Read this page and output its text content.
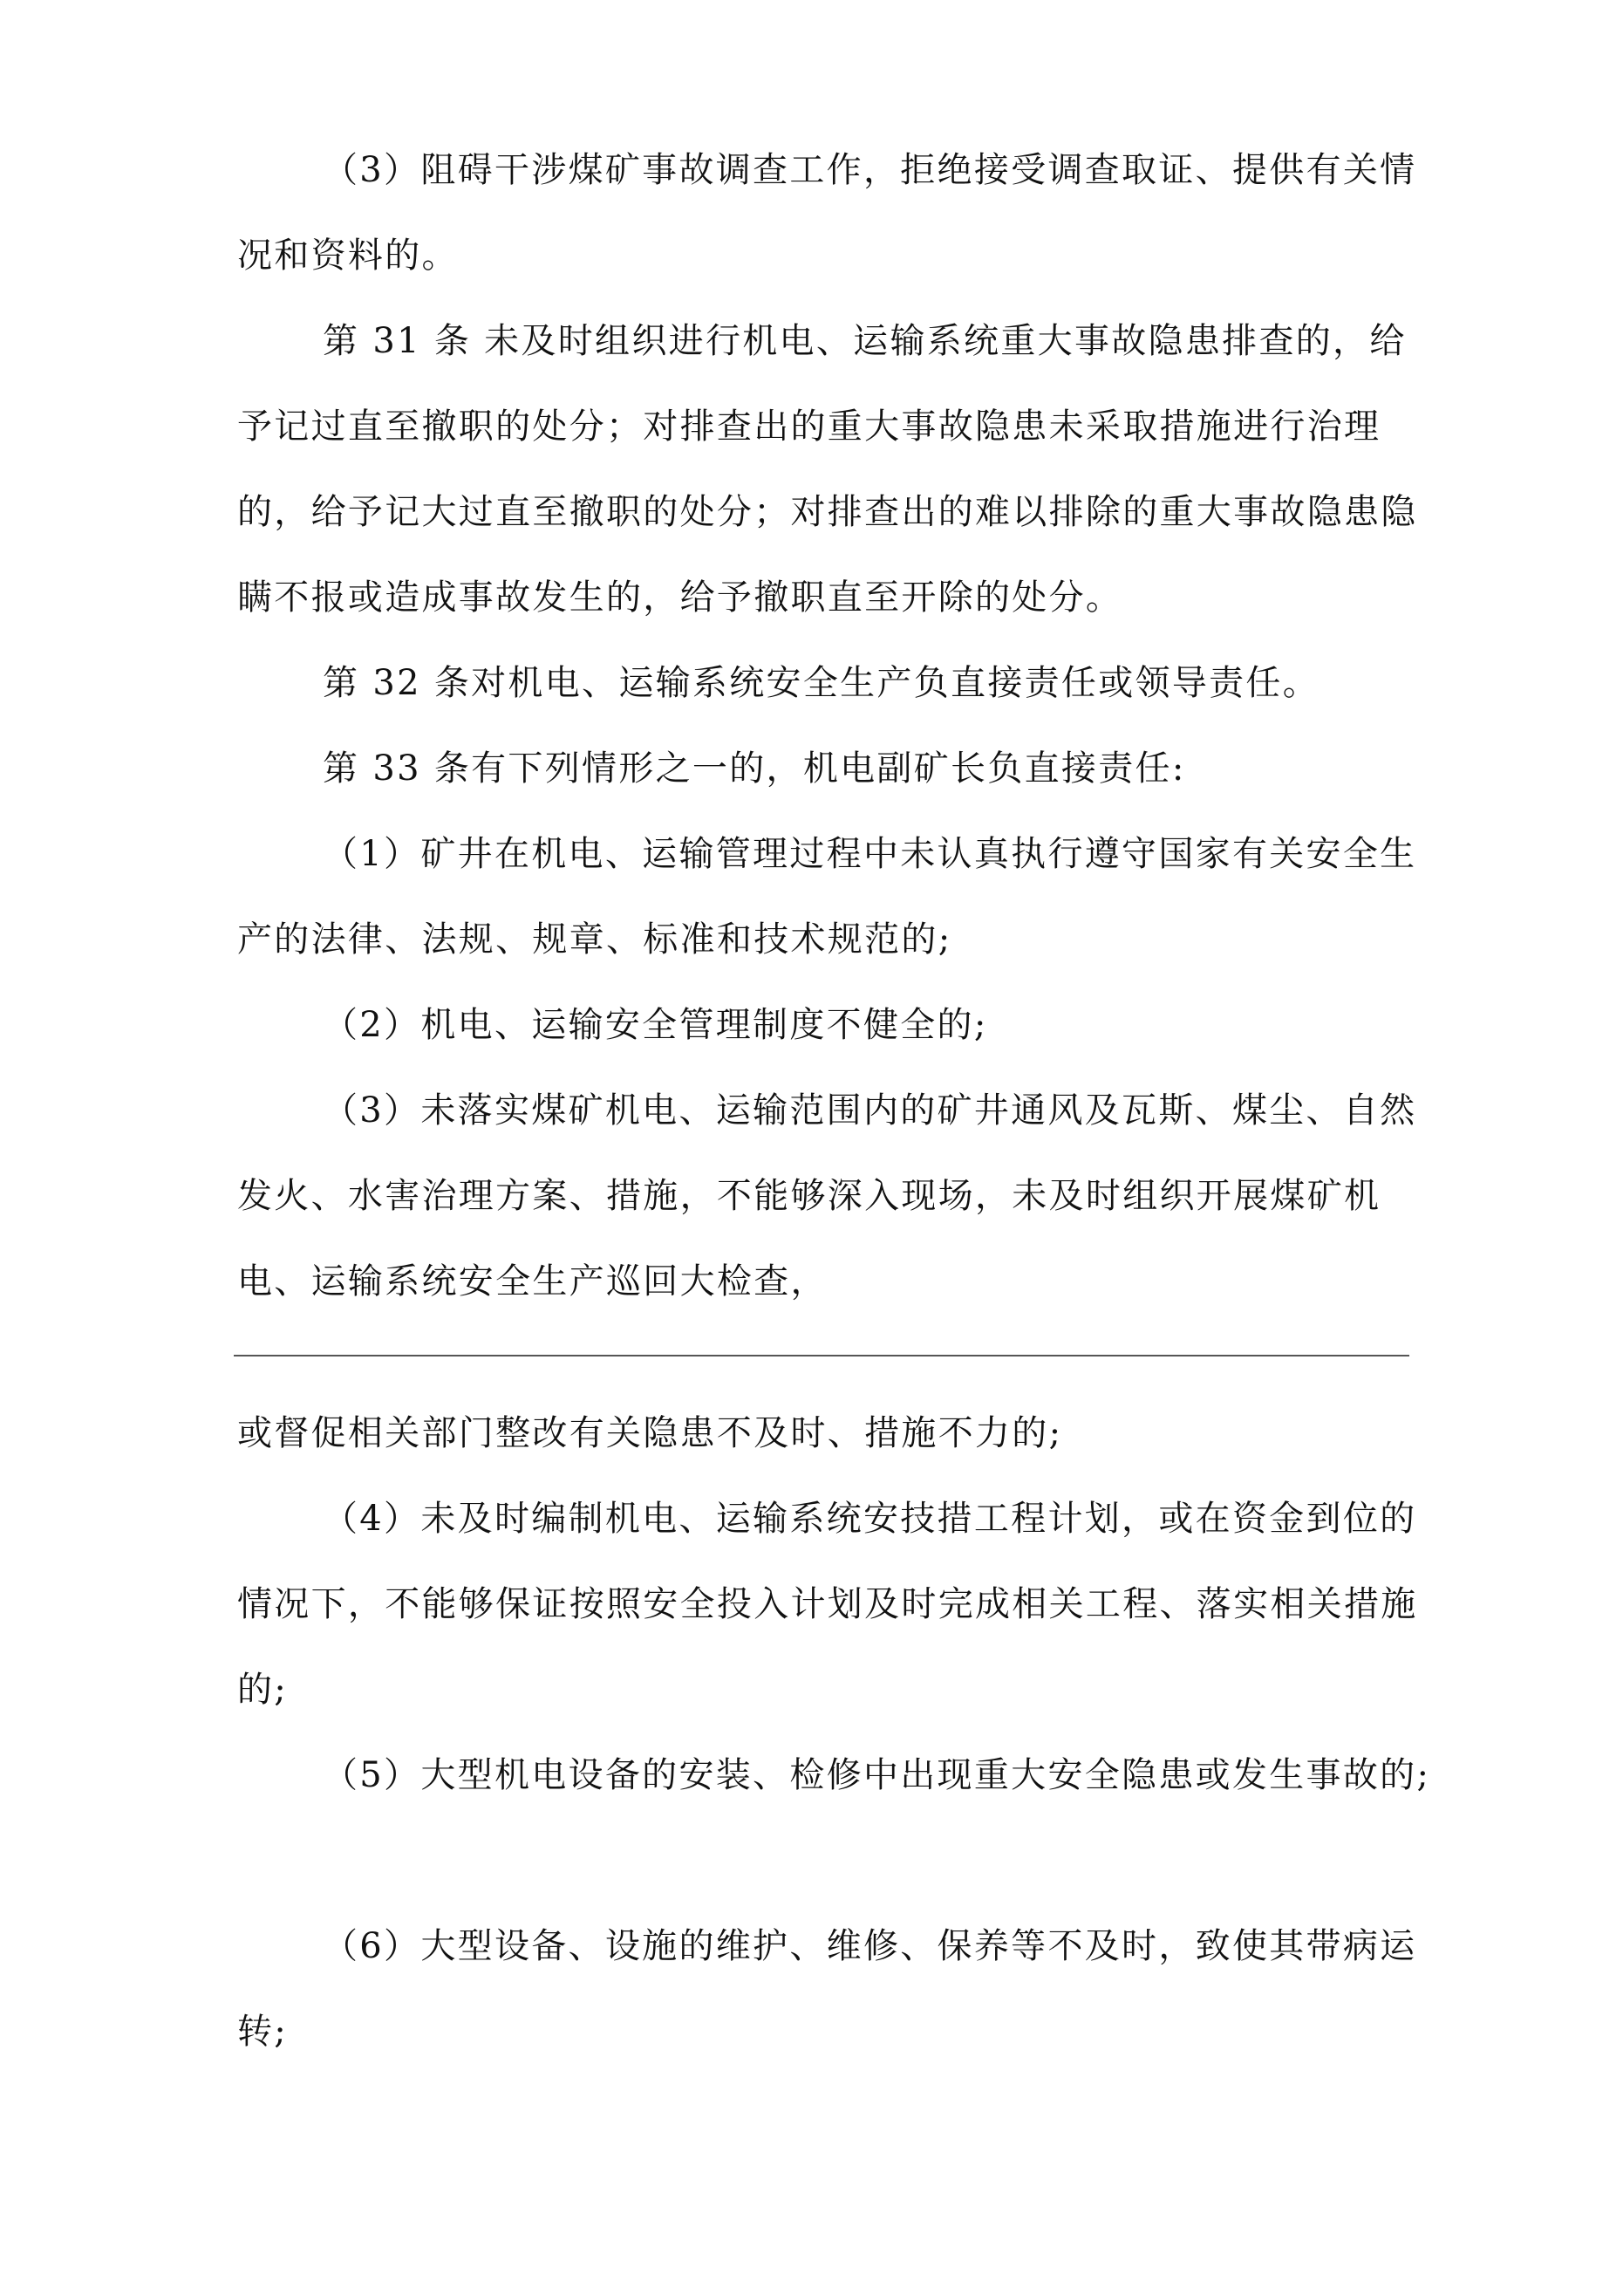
（3）阻碍干涉煤矿事故调查工作，拒绝接受调查取证、提供有关情况和资料的。

第 31 条 未及时组织进行机电、运输系统重大事故隐患排查的，给予记过直至撤职的处分；对排查出的重大事故隐患未采取措施进行治理的，给予记大过直至撤职的处分；对排查出的难以排除的重大事故隐患隐瞒不报或造成事故发生的，给予撤职直至开除的处分。

第 32 条对机电、运输系统安全生产负直接责任或领导责任。

第 33 条有下列情形之一的，机电副矿长负直接责任:

（1）矿井在机电、运输管理过程中未认真执行遵守国家有关安全生产的法律、法规、规章、标准和技术规范的;

（2）机电、运输安全管理制度不健全的;

（3）未落实煤矿机电、运输范围内的矿井通风及瓦斯、煤尘、自然发火、水害治理方案、措施，不能够深入现场，未及时组织开展煤矿机电、运输系统安全生产巡回大检查，

或督促相关部门整改有关隐患不及时、措施不力的;

（4）未及时编制机电、运输系统安技措工程计划，或在资金到位的情况下，不能够保证按照安全投入计划及时完成相关工程、落实相关措施的;

（5）大型机电设备的安装、检修中出现重大安全隐患或发生事故的;

（6）大型设备、设施的维护、维修、保养等不及时，致使其带病运转;
